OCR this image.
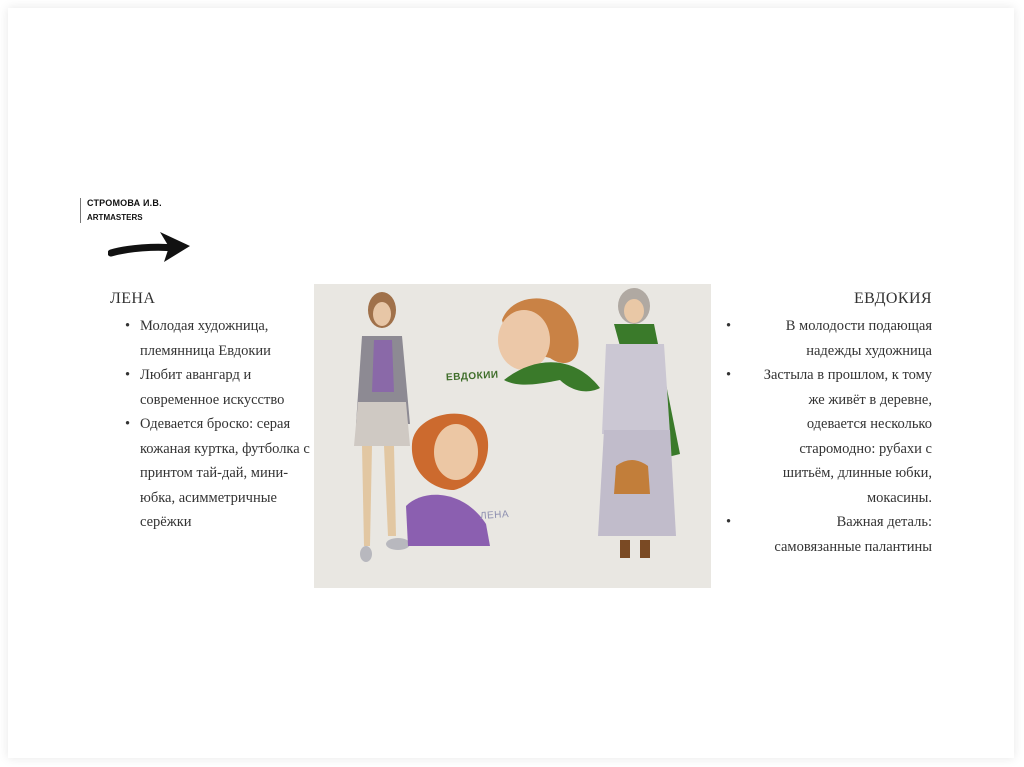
СТРОМОВА И.В.
ARTMASTERS
ЛЕНА
• Молодая художница, племянница Евдокии
• Любит авангард и современное искусство
• Одевается броско: серая кожаная куртка, футболка с принтом тай-дай, мини-юбка, асимметричные серёжки
ЕВДОКИИ
ЛЕНА
ЕВДОКИЯ
• В молодости подающая надежды художница
• Застыла в прошлом, к тому же живёт в деревне, одевается несколько старомодно: рубахи с шитьём, длинные юбки, мокасины.
• Важная деталь: самовязанные палантины
